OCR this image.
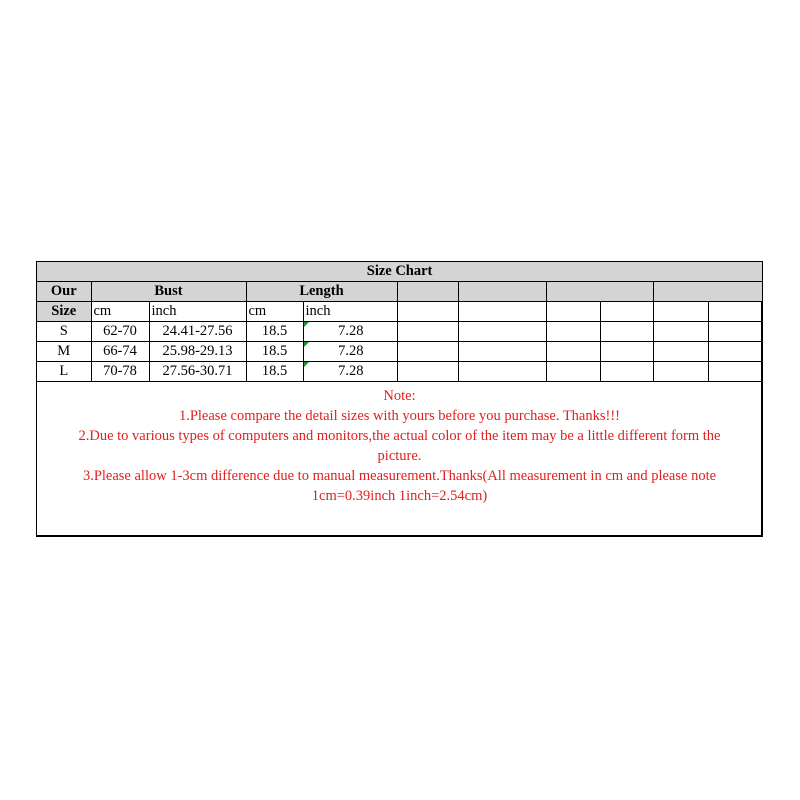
Size Chart										
Our	Bust		Length							
Size	cm	inch	cm	inch						
S	62-70	24.41-27.56	18.5	7.28						
M	66-74	25.98-29.13	18.5	7.28						
L	70-78	27.56-30.71	18.5	7.28						
Note:
1.Please compare the detail sizes with yours before you purchase. Thanks!!!
2.Due to various types of computers and monitors,the actual color of the item may be a little different form the
picture.
3.Please allow 1-3cm difference due to manual measurement.Thanks(All measurement in cm and please note
1cm=0.39inch 1inch=2.54cm)
